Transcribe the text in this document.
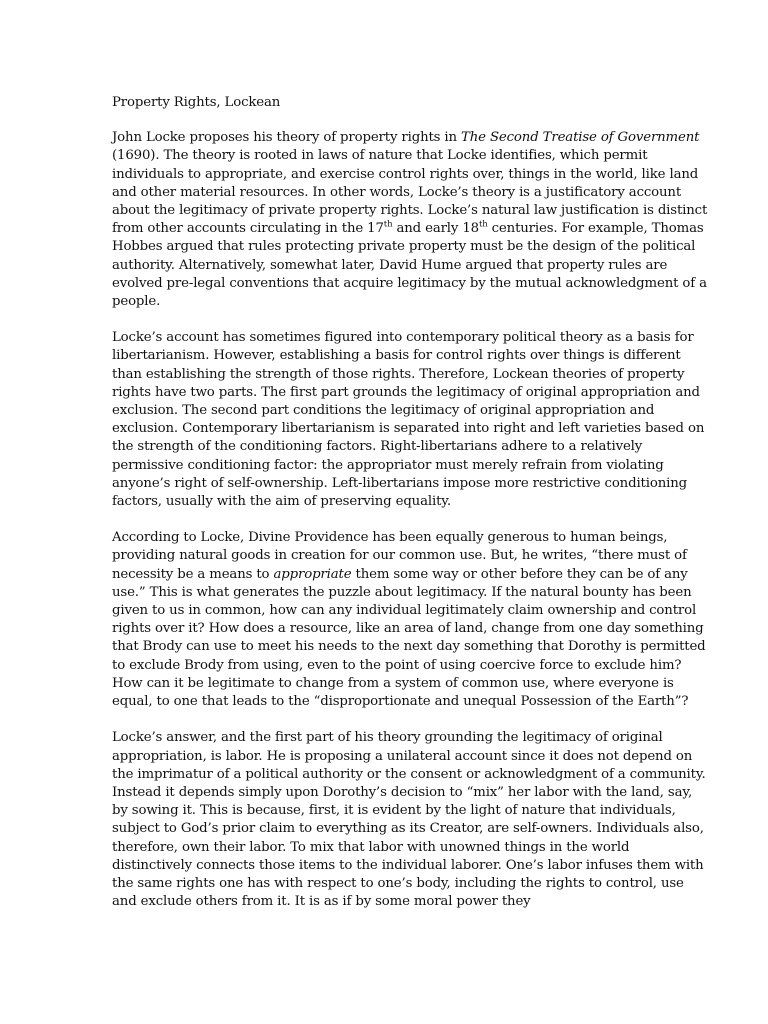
Property Rights, Lockean

John Locke proposes his theory of property rights in The Second Treatise of Government (1690). The theory is rooted in laws of nature that Locke identifies, which permit individuals to appropriate, and exercise control rights over, things in the world, like land and other material resources. In other words, Locke’s theory is a justificatory account about the legitimacy of private property rights. Locke’s natural law justification is distinct from other accounts circulating in the 17th and early 18th centuries. For example, Thomas Hobbes argued that rules protecting private property must be the design of the political authority. Alternatively, somewhat later, David Hume argued that property rules are evolved pre-legal conventions that acquire legitimacy by the mutual acknowledgment of a people.

Locke’s account has sometimes figured into contemporary political theory as a basis for libertarianism. However, establishing a basis for control rights over things is different than establishing the strength of those rights. Therefore, Lockean theories of property rights have two parts. The first part grounds the legitimacy of original appropriation and exclusion. The second part conditions the legitimacy of original appropriation and exclusion. Contemporary libertarianism is separated into right and left varieties based on the strength of the conditioning factors. Right-libertarians adhere to a relatively permissive conditioning factor: the appropriator must merely refrain from violating anyone’s right of self-ownership. Left-libertarians impose more restrictive conditioning factors, usually with the aim of preserving equality.

According to Locke, Divine Providence has been equally generous to human beings, providing natural goods in creation for our common use. But, he writes, “there must of necessity be a means to appropriate them some way or other before they can be of any use.” This is what generates the puzzle about legitimacy. If the natural bounty has been given to us in common, how can any individual legitimately claim ownership and control rights over it? How does a resource, like an area of land, change from one day something that Brody can use to meet his needs to the next day something that Dorothy is permitted to exclude Brody from using, even to the point of using coercive force to exclude him? How can it be legitimate to change from a system of common use, where everyone is equal, to one that leads to the “disproportionate and unequal Possession of the Earth”?

Locke’s answer, and the first part of his theory grounding the legitimacy of original appropriation, is labor. He is proposing a unilateral account since it does not depend on the imprimatur of a political authority or the consent or acknowledgment of a community. Instead it depends simply upon Dorothy’s decision to “mix” her labor with the land, say, by sowing it. This is because, first, it is evident by the light of nature that individuals, subject to God’s prior claim to everything as its Creator, are self-owners. Individuals also, therefore, own their labor. To mix that labor with unowned things in the world distinctively connects those items to the individual laborer. One’s labor infuses them with the same rights one has with respect to one’s body, including the rights to control, use and exclude others from it. It is as if by some moral power they
